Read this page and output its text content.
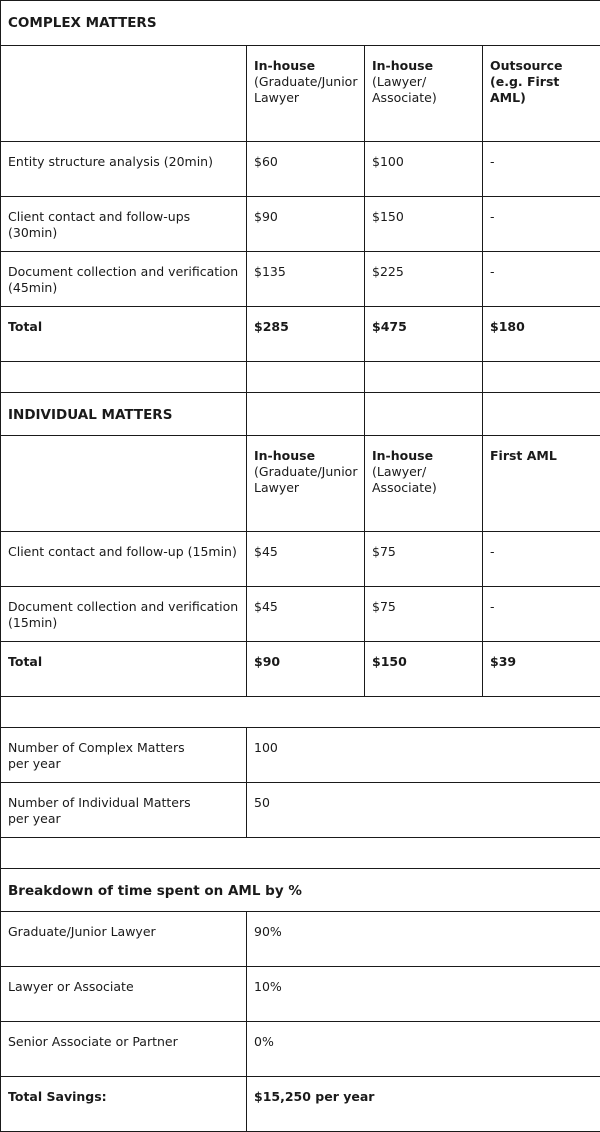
COMPLEX MATTERS			

	In-house
(Graduate/Junior
Lawyer	In-house
(Lawyer/
Associate)	Outsource
(e.g. First AML)

Entity structure analysis (20min)	$60	$100	-

Client contact and follow-ups
(30min)	$90	$150	-

Document collection and verification
(45min)	$135	$225	-
Total	$285	$475	$180

INDIVIDUAL MATTERS			

	In-house
(Graduate/Junior
Lawyer	In-house
(Lawyer/
Associate)	First AML

Client contact and follow-up (15min)	$45	$75	-

Document collection and verification
(15min)	$45	$75	-
Total	$90	$150	$39

Number of Complex Matters
per year	100		

Number of Individual Matters
per year	50		

Breakdown of time spent on AML by %			
Graduate/Junior Lawyer	90%		
Lawyer or Associate	10%		
Senior Associate or Partner	0%		
Total Savings:	$15,250 per year		
